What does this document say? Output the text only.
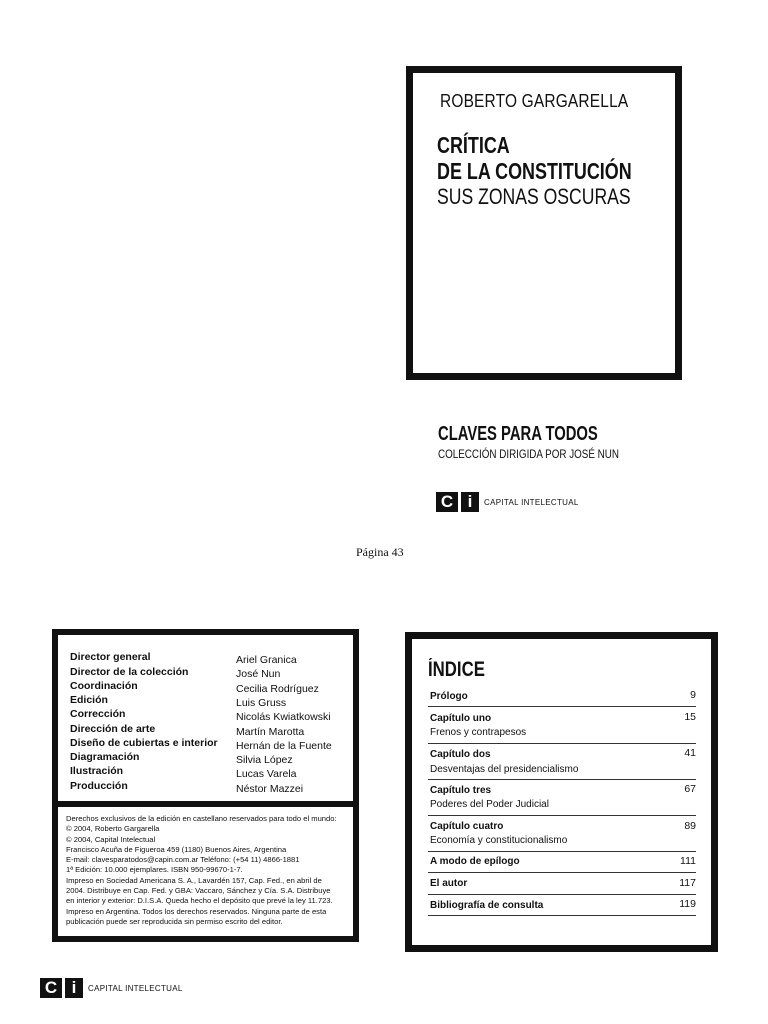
ROBERTO GARGARELLA
CRÍTICA
DE LA CONSTITUCIÓN
SUS ZONAS OSCURAS
CLAVES PARA TODOS
COLECCIÓN DIRIGIDA POR JOSÉ NUN
C i	CAPITAL INTELECTUAL
Página 43
Director general	Ariel Granica
Director de la colección	José Nun
Coordinación	Cecilia Rodríguez
Edición	Luis Gruss
Corrección	Nicolás Kwiatkowski
Dirección de arte	Martín Marotta
Diseño de cubiertas e interior Hernán de la Fuente
Diagramación	Silvia López
Ilustración	Lucas Varela
Producción	Néstor Mazzei
Derechos exclusivos de la edición en castellano reservados para todo el mundo:
© 2004, Roberto Gargarella
© 2004, Capital Intelectual
Francisco Acuña de Figueroa 459 (1180) Buenos Aires, Argentina
E-mail: clavesparatodos@capin.com.ar Teléfono: (+54 11) 4866-1881
1ª Edición: 10.000 ejemplares. ISBN 950-99670-1-7.
Impreso en Sociedad Americana S. A., Lavardén 157, Cap. Fed., en abril de
2004. Distribuye en Cap. Fed. y GBA: Vaccaro, Sánchez y Cía. S.A. Distribuye
en interior y exterior: D.I.S.A. Queda hecho el depósito que prevé la ley 11.723.
Impreso en Argentina. Todos los derechos reservados. Ninguna parte de esta
publicación puede ser reproducida sin permiso escrito del editor.
ÍNDICE
Prólogo	9
Capítulo uno	15
Frenos y contrapesos
Capítulo dos	41
Desventajas del presidencialismo
Capítulo tres	67
Poderes del Poder Judicial
Capítulo cuatro	89
Economía y constitucionalismo
A modo de epílogo	111
El autor	117
Bibliografía de consulta	119
C i	CAPITAL INTELECTUAL
